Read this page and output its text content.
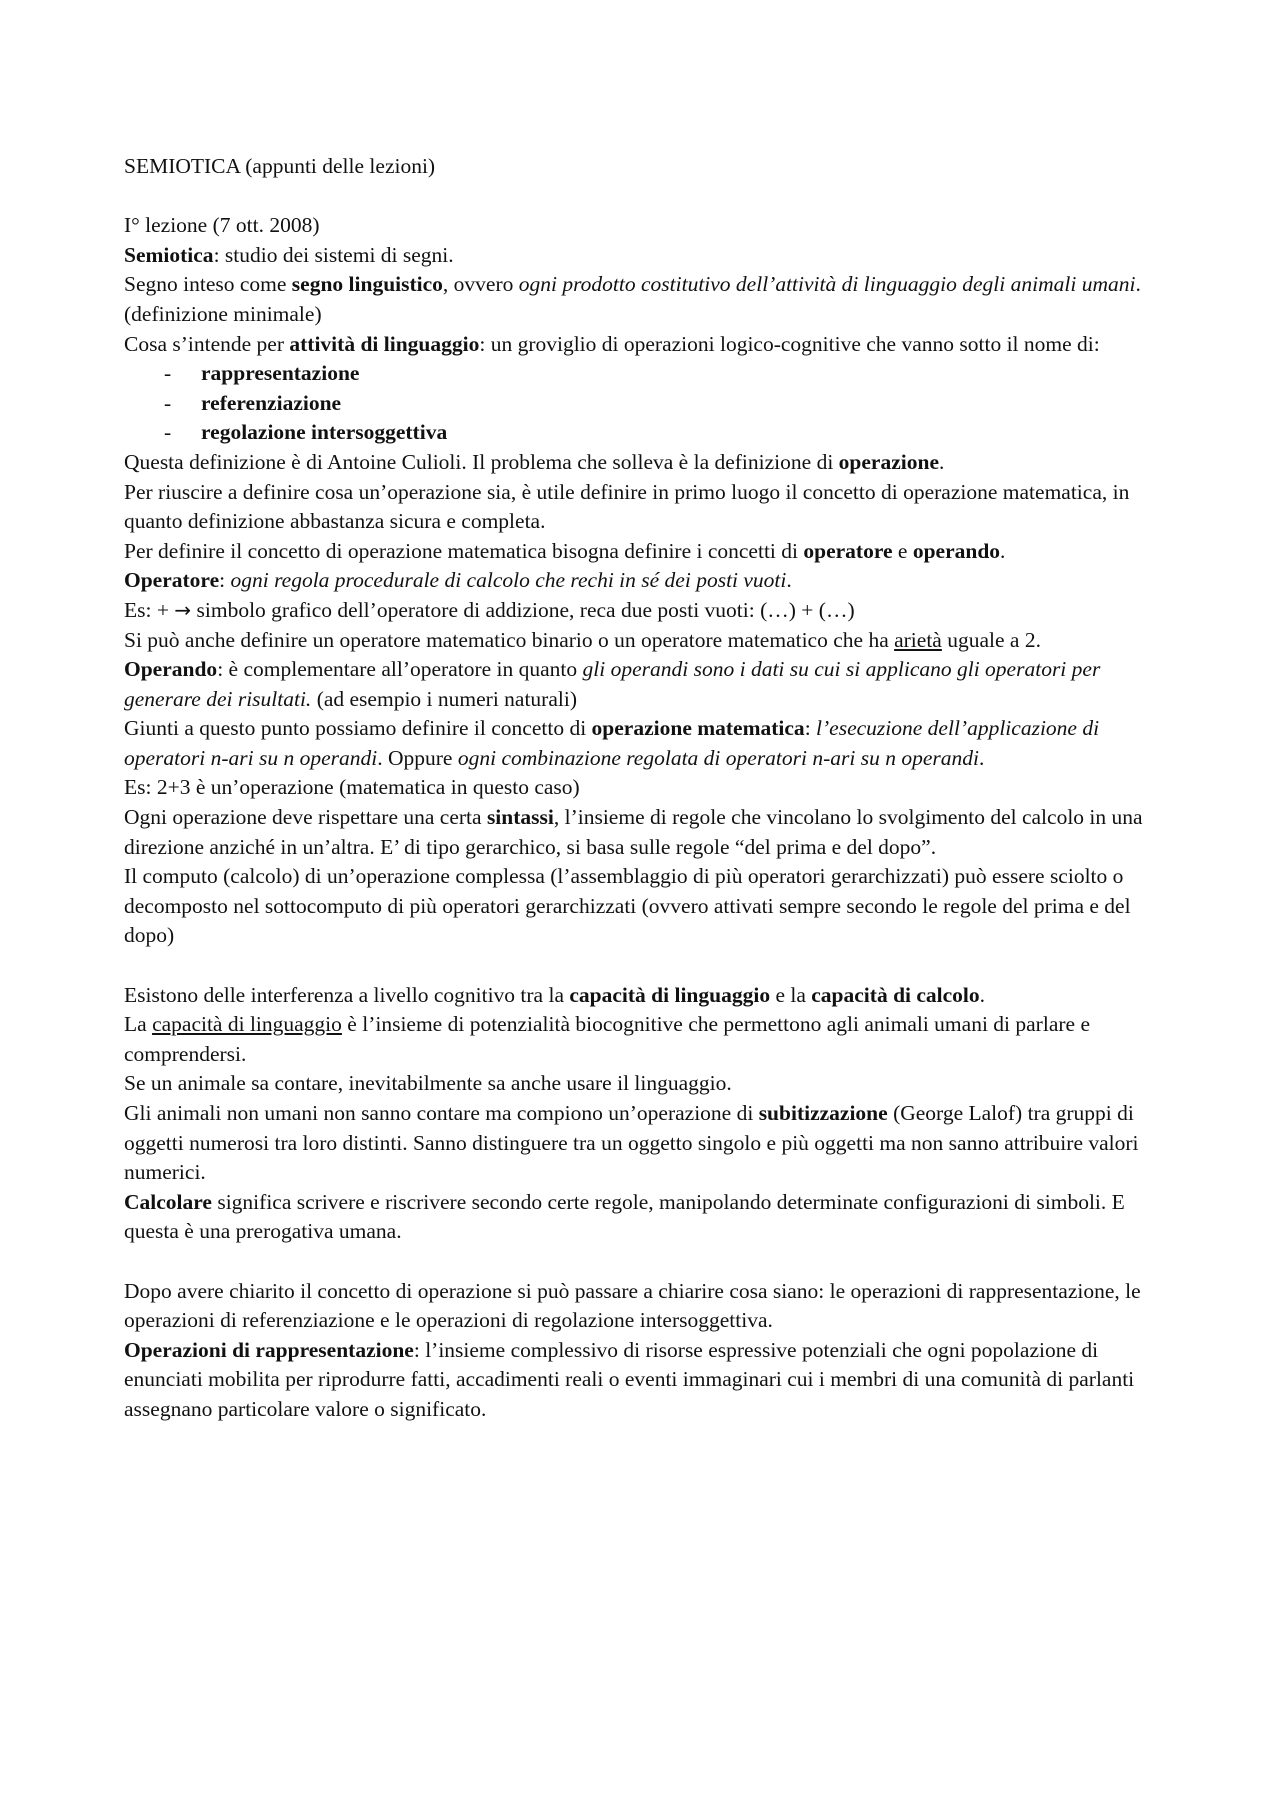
SEMIOTICA (appunti delle lezioni)

I° lezione (7 ott. 2008)

Semiotica: studio dei sistemi di segni.

Segno inteso come segno linguistico, ovvero ogni prodotto costitutivo dell’attività di linguaggio degli animali umani. (definizione minimale)

Cosa s’intende per attività di linguaggio: un groviglio di operazioni logico-cognitive che vanno sotto il nome di:

- rappresentazione
- referenziazione
- regolazione intersoggettiva

Questa definizione è di Antoine Culioli. Il problema che solleva è la definizione di operazione.

Per riuscire a definire cosa un’operazione sia, è utile definire in primo luogo il concetto di operazione matematica, in quanto definizione abbastanza sicura e completa.

Per definire il concetto di operazione matematica bisogna definire i concetti di operatore e operando.

Operatore: ogni regola procedurale di calcolo che rechi in sé dei posti vuoti.

Es: + → simbolo grafico dell’operatore di addizione, reca due posti vuoti: (…) + (…)

Si può anche definire un operatore matematico binario o un operatore matematico che ha arietà uguale a 2.

Operando: è complementare all’operatore in quanto gli operandi sono i dati su cui si applicano gli operatori per generare dei risultati. (ad esempio i numeri naturali)

Giunti a questo punto possiamo definire il concetto di operazione matematica: l’esecuzione dell’applicazione di operatori n-ari su n operandi. Oppure ogni combinazione regolata di operatori n-ari su n operandi.

Es: 2+3 è un’operazione (matematica in questo caso)

Ogni operazione deve rispettare una certa sintassi, l’insieme di regole che vincolano lo svolgimento del calcolo in una direzione anziché in un’altra. E’ di tipo gerarchico, si basa sulle regole “del prima e del dopo”.

Il computo (calcolo) di un’operazione complessa (l’assemblaggio di più operatori gerarchizzati) può essere sciolto o decomposto nel sottocomputo di più operatori gerarchizzati (ovvero attivati sempre secondo le regole del prima e del dopo)

Esistono delle interferenza a livello cognitivo tra la capacità di linguaggio e la capacità di calcolo.

La capacità di linguaggio è l’insieme di potenzialità biocognitive che permettono agli animali umani di parlare e comprendersi.

Se un animale sa contare, inevitabilmente sa anche usare il linguaggio.

Gli animali non umani non sanno contare ma compiono un’operazione di subitizzazione (George Lalof) tra gruppi di oggetti numerosi tra loro distinti. Sanno distinguere tra un oggetto singolo e più oggetti ma non sanno attribuire valori numerici.

Calcolare significa scrivere e riscrivere secondo certe regole, manipolando determinate configurazioni di simboli. E questa è una prerogativa umana.

Dopo avere chiarito il concetto di operazione si può passare a chiarire cosa siano: le operazioni di rappresentazione, le operazioni di referenziazione e le operazioni di regolazione intersoggettiva.

Operazioni di rappresentazione: l’insieme complessivo di risorse espressive potenziali che ogni popolazione di enunciati mobilita per riprodurre fatti, accadimenti reali o eventi immaginari cui i membri di una comunità di parlanti assegnano particolare valore o significato.
